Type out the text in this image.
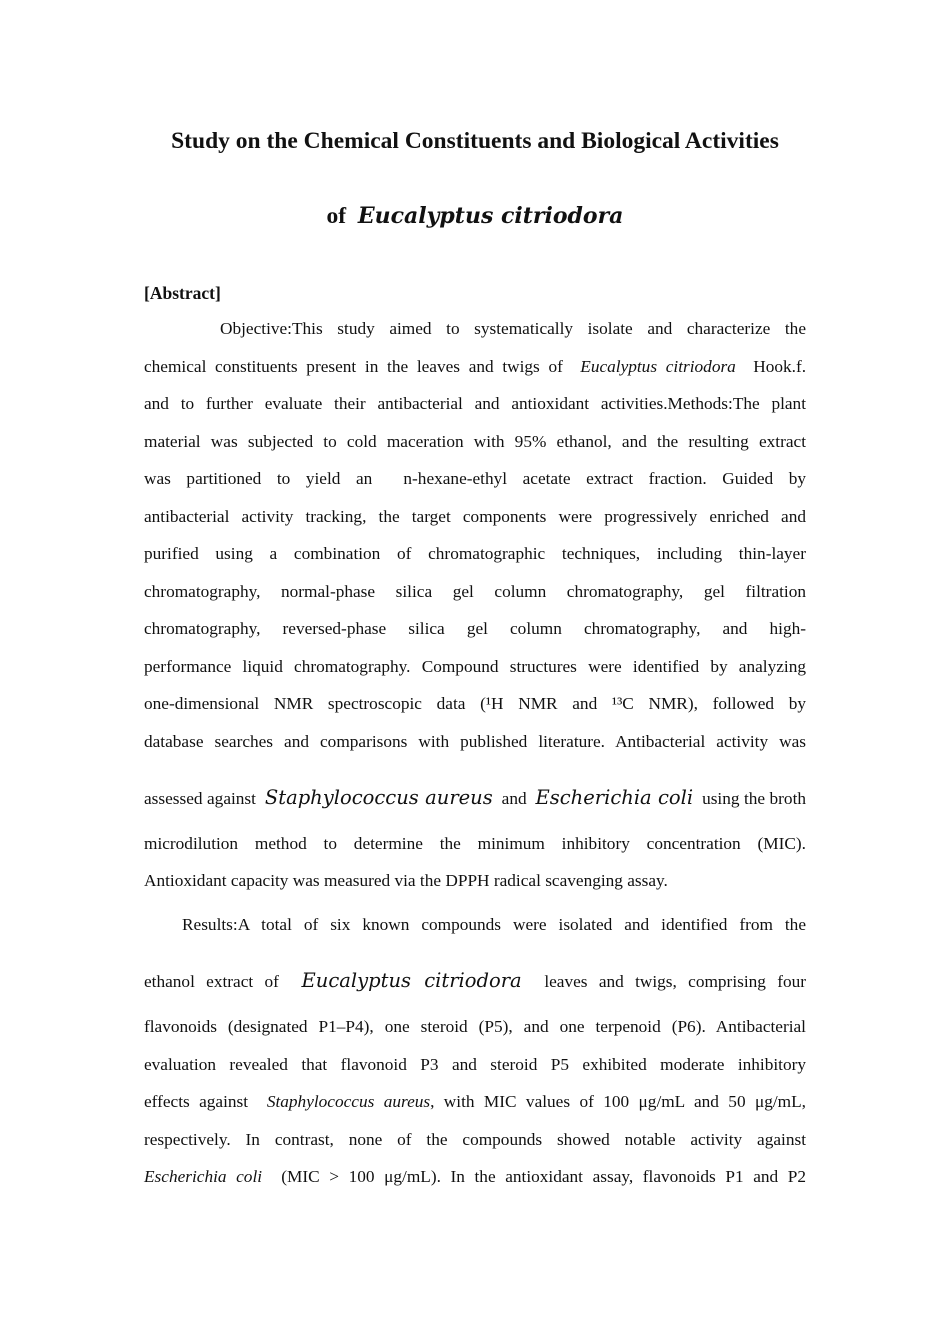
Study on the Chemical Constituents and Biological Activities
of Eucalyptus citriodora
[Abstract]
Objective:This study aimed to systematically isolate and characterize the
chemical constituents present in the leaves and twigs of Eucalyptus citriodora Hook.f.
and to further evaluate their antibacterial and antioxidant activities.Methods:The plant
material was subjected to cold maceration with 95% ethanol, and the resulting extract
was partitioned to yield an n-hexane-ethyl acetate extract fraction. Guided by
antibacterial activity tracking, the target components were progressively enriched and
purified using a combination of chromatographic techniques, including thin-layer
chromatography, normal-phase silica gel column chromatography, gel filtration
chromatography, reversed-phase silica gel column chromatography, and high-
performance liquid chromatography. Compound structures were identified by analyzing
one-dimensional NMR spectroscopic data (¹H NMR and ¹³C NMR), followed by
database searches and comparisons with published literature. Antibacterial activity was
assessed against Staphylococcus aureus and Escherichia coli using the broth
microdilution method to determine the minimum inhibitory concentration (MIC).
Antioxidant capacity was measured via the DPPH radical scavenging assay.
Results:A total of six known compounds were isolated and identified from the
ethanol extract of Eucalyptus citriodora leaves and twigs, comprising four
flavonoids (designated P1–P4), one steroid (P5), and one terpenoid (P6). Antibacterial
evaluation revealed that flavonoid P3 and steroid P5 exhibited moderate inhibitory
effects against Staphylococcus aureus, with MIC values of 100 μg/mL and 50 μg/mL,
respectively. In contrast, none of the compounds showed notable activity against
Escherichia coli (MIC > 100 μg/mL). In the antioxidant assay, flavonoids P1 and P2
